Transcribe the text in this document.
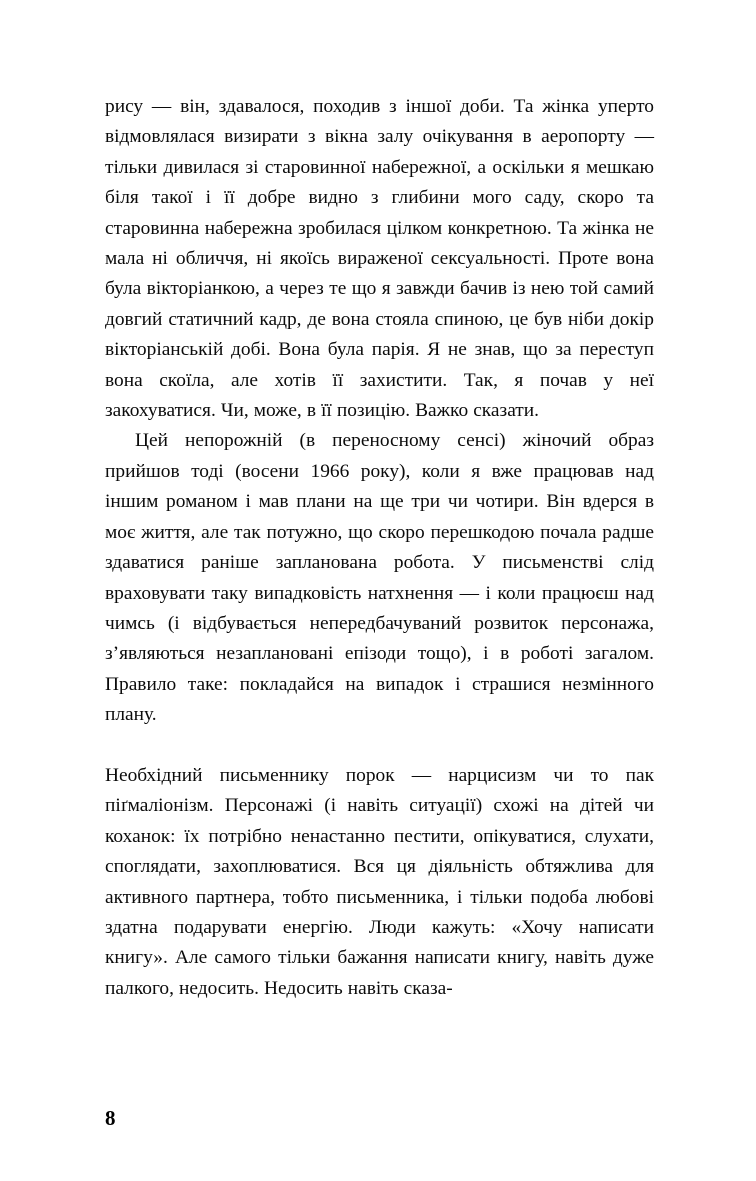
рису — він, здавалося, походив з іншої доби. Та жінка уперто відмовлялася визирати з вікна залу очікування в аеропорту — тільки дивилася зі старовинної набережної, а оскільки я мешкаю біля такої і її добре видно з глибини мого саду, скоро та старовинна набережна зробилася цілком конкретною. Та жінка не мала ні обличчя, ні якоїсь вираженої сексуальності. Проте вона була вікторіанкою, а через те що я завжди бачив із нею той самий довгий статичний кадр, де вона стояла спиною, це був ніби докір вікторіанській добі. Вона була парія. Я не знав, що за переступ вона скоїла, але хотів її захистити. Так, я почав у неї закохуватися. Чи, може, в її позицію. Важко сказати.

Цей непорожній (в переносному сенсі) жіночий образ прийшов тоді (восени 1966 року), коли я вже працював над іншим романом і мав плани на ще три чи чотири. Він вдерся в моє життя, але так потужно, що скоро перешкодою почала радше здаватися раніше запланована робота. У письменстві слід враховувати таку випадковість натхнення — і коли працюєш над чимсь (і відбувається непередбачуваний розвиток персонажа, з’являються незаплановані епізоди тощо), і в роботі загалом. Правило таке: покладайся на випадок і страшися незмінного плану.

Необхідний письменнику порок — нарцисизм чи то пак піґмаліонізм. Персонажі (і навіть ситуації) схожі на дітей чи коханок: їх потрібно ненастанно пестити, опікуватися, слухати, споглядати, захоплюватися. Вся ця діяльність обтяжлива для активного партнера, тобто письменника, і тільки подоба любові здатна подарувати енергію. Люди кажуть: «Хочу написати книгу». Але самого тільки бажання написати книгу, навіть дуже палкого, недосить. Недосить навіть сказа-

8
